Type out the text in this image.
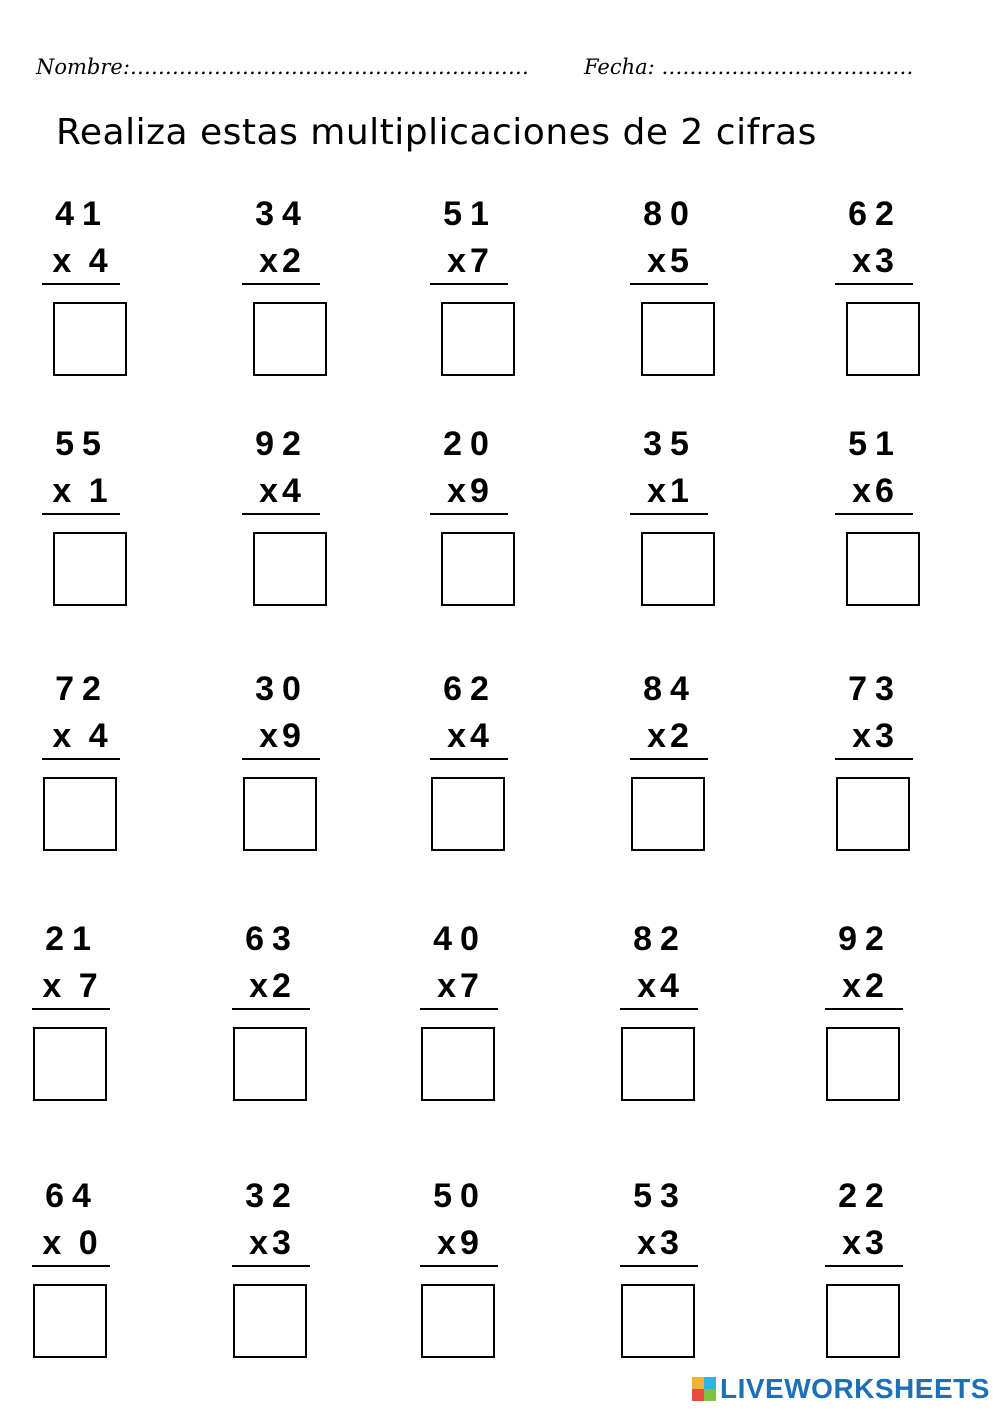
Nombre:…………………………………………………	Fecha: ………………………………
Realiza estas multiplicaciones de 2 cifras
41
x 4
34
x2
51
x7
80
x5
62
x3
55
x 1
92
x4
20
x9
35
x1
51
x6
72
x 4
30
x9
62
x4
84
x2
73
x3
21
x 7
63
x2
40
x7
82
x4
92
x2
64
x 0
32
x3
50
x9
53
x3
22
x3
LIVEWORKSHEETS
